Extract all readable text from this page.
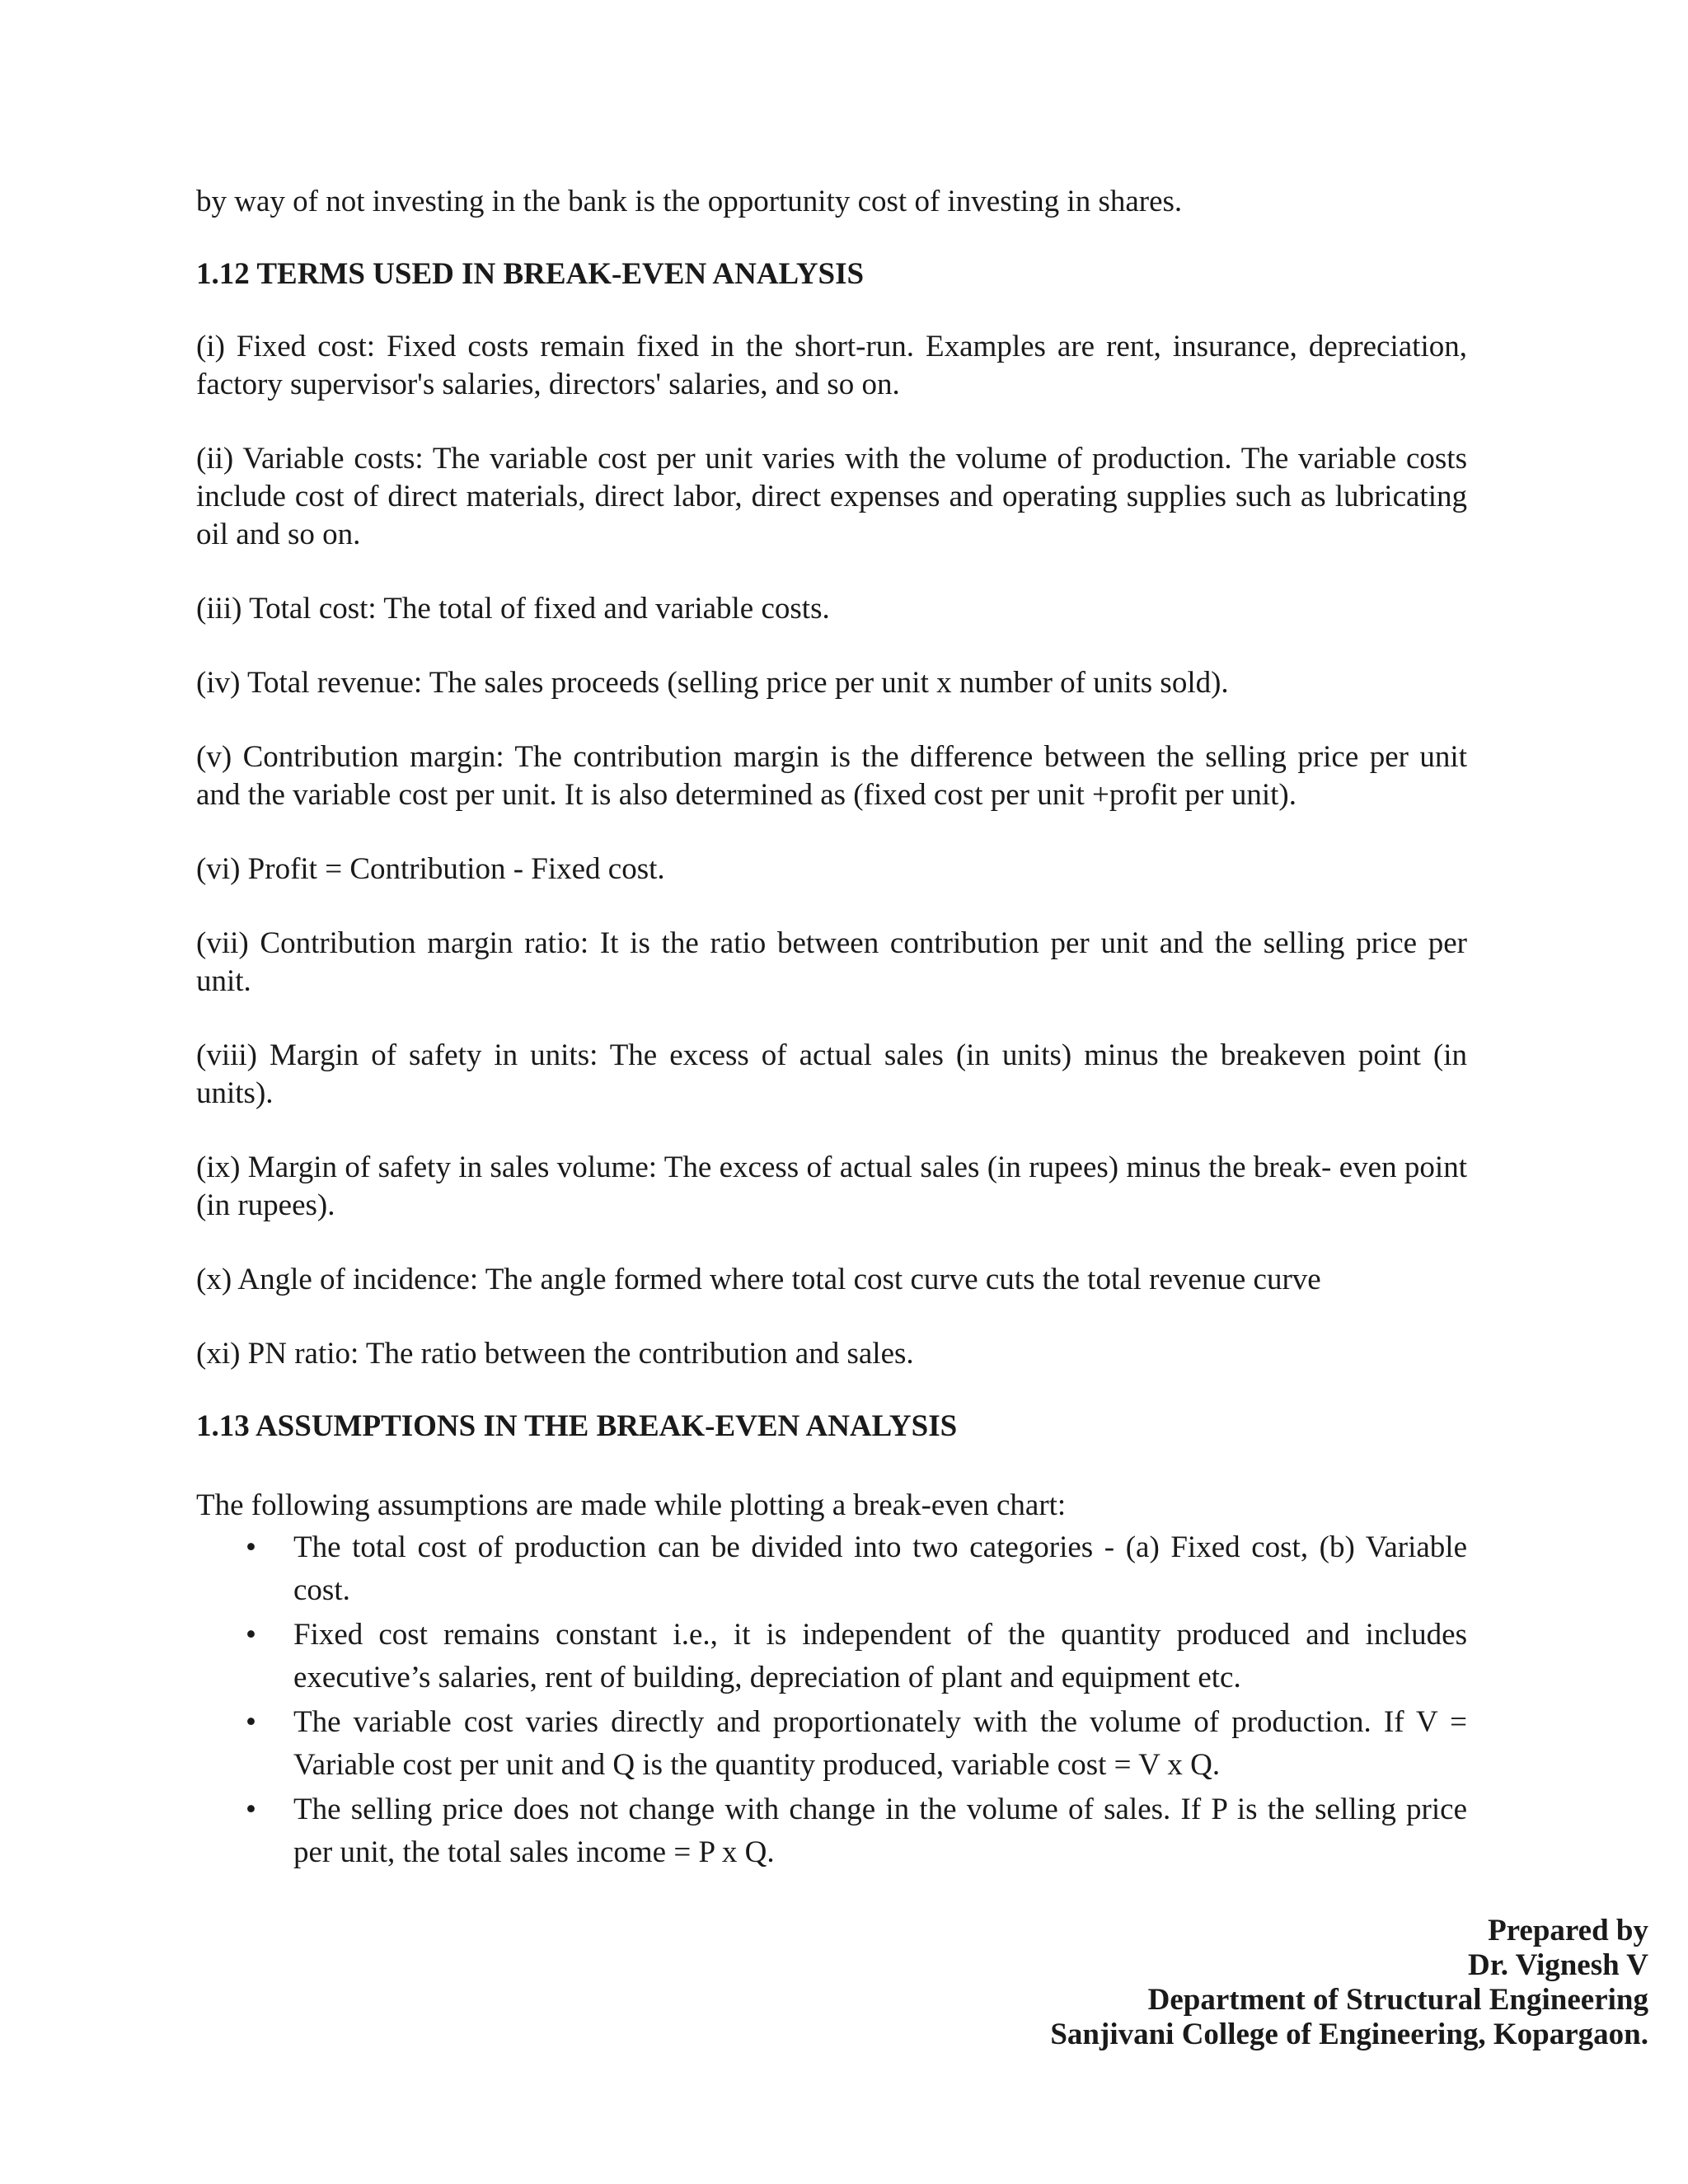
by way of not investing in the bank is the opportunity cost of investing in shares.

1.12 TERMS USED IN BREAK-EVEN ANALYSIS

(i) Fixed cost: Fixed costs remain fixed in the short-run. Examples are rent, insurance, depreciation, factory supervisor's salaries, directors' salaries, and so on.

(ii) Variable costs: The variable cost per unit varies with the volume of production. The variable costs include cost of direct materials, direct labor, direct expenses and operating supplies such as lubricating oil and so on.

(iii) Total cost: The total of fixed and variable costs.

(iv) Total revenue: The sales proceeds (selling price per unit x number of units sold).

(v) Contribution margin: The contribution margin is the difference between the selling price per unit and the variable cost per unit. It is also determined as (fixed cost per unit +profit per unit).

(vi) Profit = Contribution - Fixed cost.

(vii) Contribution margin ratio: It is the ratio between contribution per unit and the selling price per unit.

(viii) Margin of safety in units: The excess of actual sales (in units) minus the breakeven point (in units).

(ix) Margin of safety in sales volume: The excess of actual sales (in rupees) minus the break- even point (in rupees).

(x) Angle of incidence: The angle formed where total cost curve cuts the total revenue curve

(xi) PN ratio: The ratio between the contribution and sales.

1.13 ASSUMPTIONS IN THE BREAK-EVEN ANALYSIS

The following assumptions are made while plotting a break-even chart:

• The total cost of production can be divided into two categories - (a) Fixed cost, (b) Variable cost.
• Fixed cost remains constant i.e., it is independent of the quantity produced and includes executive’s salaries, rent of building, depreciation of plant and equipment etc.
• The variable cost varies directly and proportionately with the volume of production. If V = Variable cost per unit and Q is the quantity produced, variable cost = V x Q.
• The selling price does not change with change in the volume of sales. If P is the selling price per unit, the total sales income = P x Q.
Prepared by
Dr. Vignesh V
Department of Structural Engineering
Sanjivani College of Engineering, Kopargaon.
